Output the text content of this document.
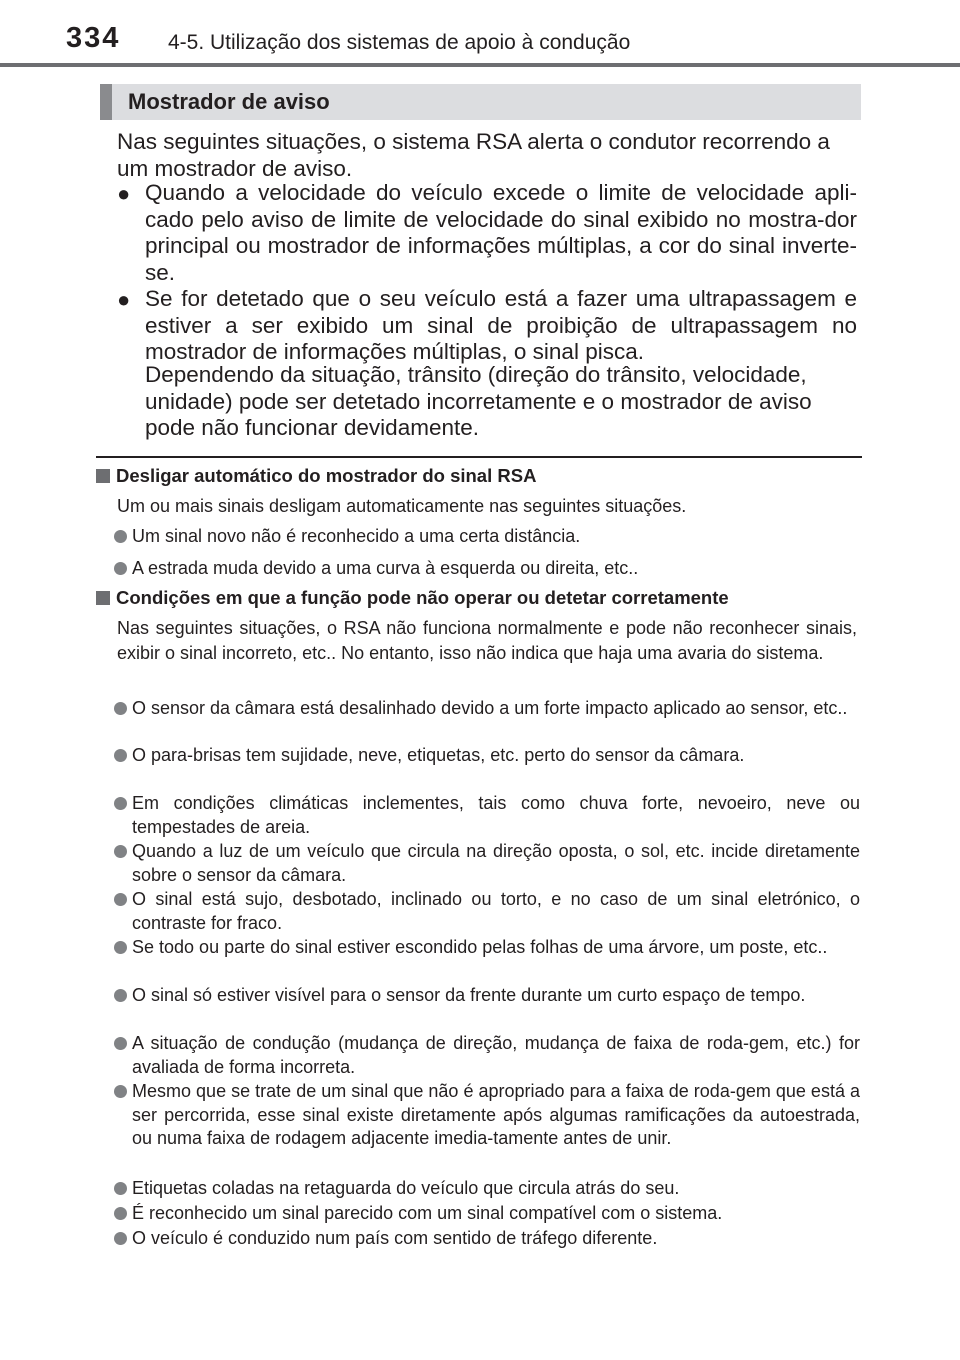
334 4-5. Utilização dos sistemas de apoio à condução
Mostrador de aviso
Nas seguintes situações, o sistema RSA alerta o condutor recorrendo a um mostrador de aviso.
● Quando a velocidade do veículo excede o limite de velocidade apli-cado pelo aviso de limite de velocidade do sinal exibido no mostra-dor principal ou mostrador de informações múltiplas, a cor do sinal inverte-se.
● Se for detetado que o seu veículo está a fazer uma ultrapassagem e estiver a ser exibido um sinal de proibição de ultrapassagem no mostrador de informações múltiplas, o sinal pisca.
Dependendo da situação, trânsito (direção do trânsito, velocidade, unidade) pode ser detetado incorretamente e o mostrador de aviso pode não funcionar devidamente.
Desligar automático do mostrador do sinal RSA
Um ou mais sinais desligam automaticamente nas seguintes situações.
Um sinal novo não é reconhecido a uma certa distância.
A estrada muda devido a uma curva à esquerda ou direita, etc..
Condições em que a função pode não operar ou detetar corretamente
Nas seguintes situações, o RSA não funciona normalmente e pode não reconhecer sinais, exibir o sinal incorreto, etc.. No entanto, isso não indica que haja uma avaria do sistema.
O sensor da câmara está desalinhado devido a um forte impacto aplicado ao sensor, etc..
O para-brisas tem sujidade, neve, etiquetas, etc. perto do sensor da câmara.
Em condições climáticas inclementes, tais como chuva forte, nevoeiro, neve ou tempestades de areia.
Quando a luz de um veículo que circula na direção oposta, o sol, etc. incide diretamente sobre o sensor da câmara.
O sinal está sujo, desbotado, inclinado ou torto, e no caso de um sinal eletrónico, o contraste for fraco.
Se todo ou parte do sinal estiver escondido pelas folhas de uma árvore, um poste, etc..
O sinal só estiver visível para o sensor da frente durante um curto espaço de tempo.
A situação de condução (mudança de direção, mudança de faixa de roda-gem, etc.) for avaliada de forma incorreta.
Mesmo que se trate de um sinal que não é apropriado para a faixa de roda-gem que está a ser percorrida, esse sinal existe diretamente após algumas ramificações da autoestrada, ou numa faixa de rodagem adjacente imedia-tamente antes de unir.
Etiquetas coladas na retaguarda do veículo que circula atrás do seu.
É reconhecido um sinal parecido com um sinal compatível com o sistema.
O veículo é conduzido num país com sentido de tráfego diferente.
